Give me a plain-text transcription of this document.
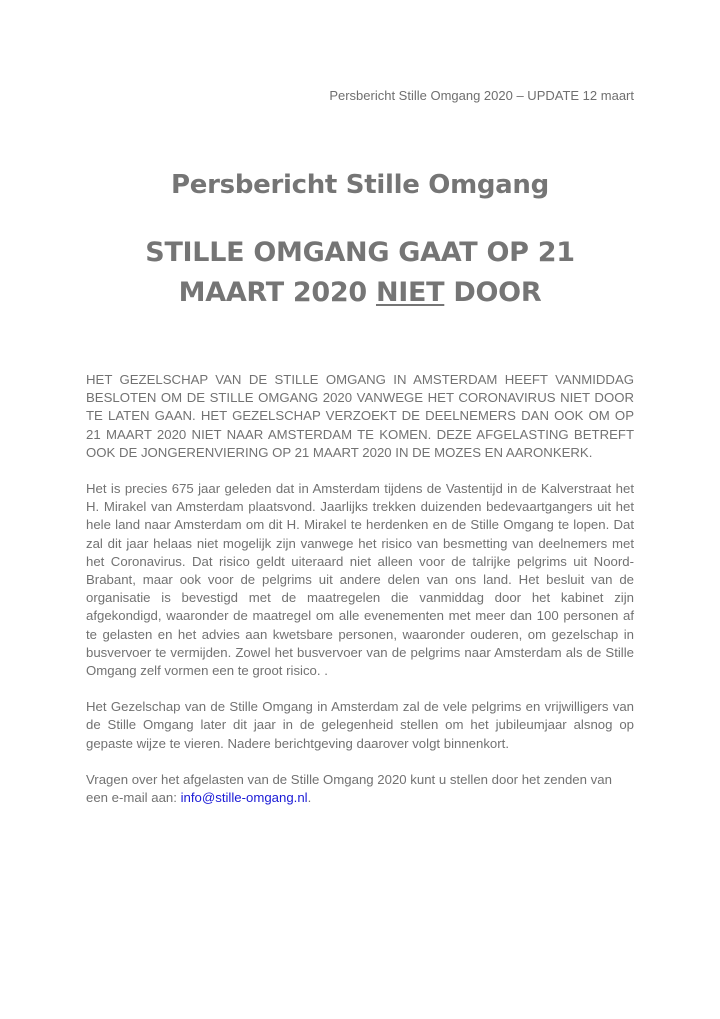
Persbericht Stille Omgang 2020 – UPDATE 12 maart
Persbericht Stille Omgang
STILLE OMGANG GAAT OP 21 MAART 2020 NIET DOOR

HET GEZELSCHAP VAN DE STILLE OMGANG IN AMSTERDAM HEEFT VANMIDDAG BESLOTEN OM DE STILLE OMGANG 2020 VANWEGE HET CORONAVIRUS NIET DOOR TE LATEN GAAN. HET GEZELSCHAP VERZOEKT DE DEELNEMERS DAN OOK OM OP 21 MAART 2020 NIET NAAR AMSTERDAM TE KOMEN. DEZE AFGELASTING BETREFT OOK DE JONGERENVIERING OP 21 MAART 2020 IN DE MOZES EN AARONKERK.

Het is precies 675 jaar geleden dat in Amsterdam tijdens de Vastentijd in de Kalverstraat het H. Mirakel van Amsterdam plaatsvond. Jaarlijks trekken duizenden bedevaartgangers uit het hele land naar Amsterdam om dit H. Mirakel te herdenken en de Stille Omgang te lopen. Dat zal dit jaar helaas niet mogelijk zijn vanwege het risico van besmetting van deelnemers met het Coronavirus. Dat risico geldt uiteraard niet alleen voor de talrijke pelgrims uit Noord-Brabant, maar ook voor de pelgrims uit andere delen van ons land. Het besluit van de organisatie is bevestigd met de maatregelen die vanmiddag door het kabinet zijn afgekondigd, waaronder de maatregel om alle evenementen met meer dan 100 personen af te gelasten en het advies aan kwetsbare personen, waaronder ouderen, om gezelschap in busvervoer te vermijden. Zowel het busvervoer van de pelgrims naar Amsterdam als de Stille Omgang zelf vormen een te groot risico. .

Het Gezelschap van de Stille Omgang in Amsterdam zal de vele pelgrims en vrijwilligers van de Stille Omgang later dit jaar in de gelegenheid stellen om het jubileumjaar alsnog op gepaste wijze te vieren. Nadere berichtgeving daarover volgt binnenkort.

Vragen over het afgelasten van de Stille Omgang 2020 kunt u stellen door het zenden van een e-mail aan: info@stille-omgang.nl.
